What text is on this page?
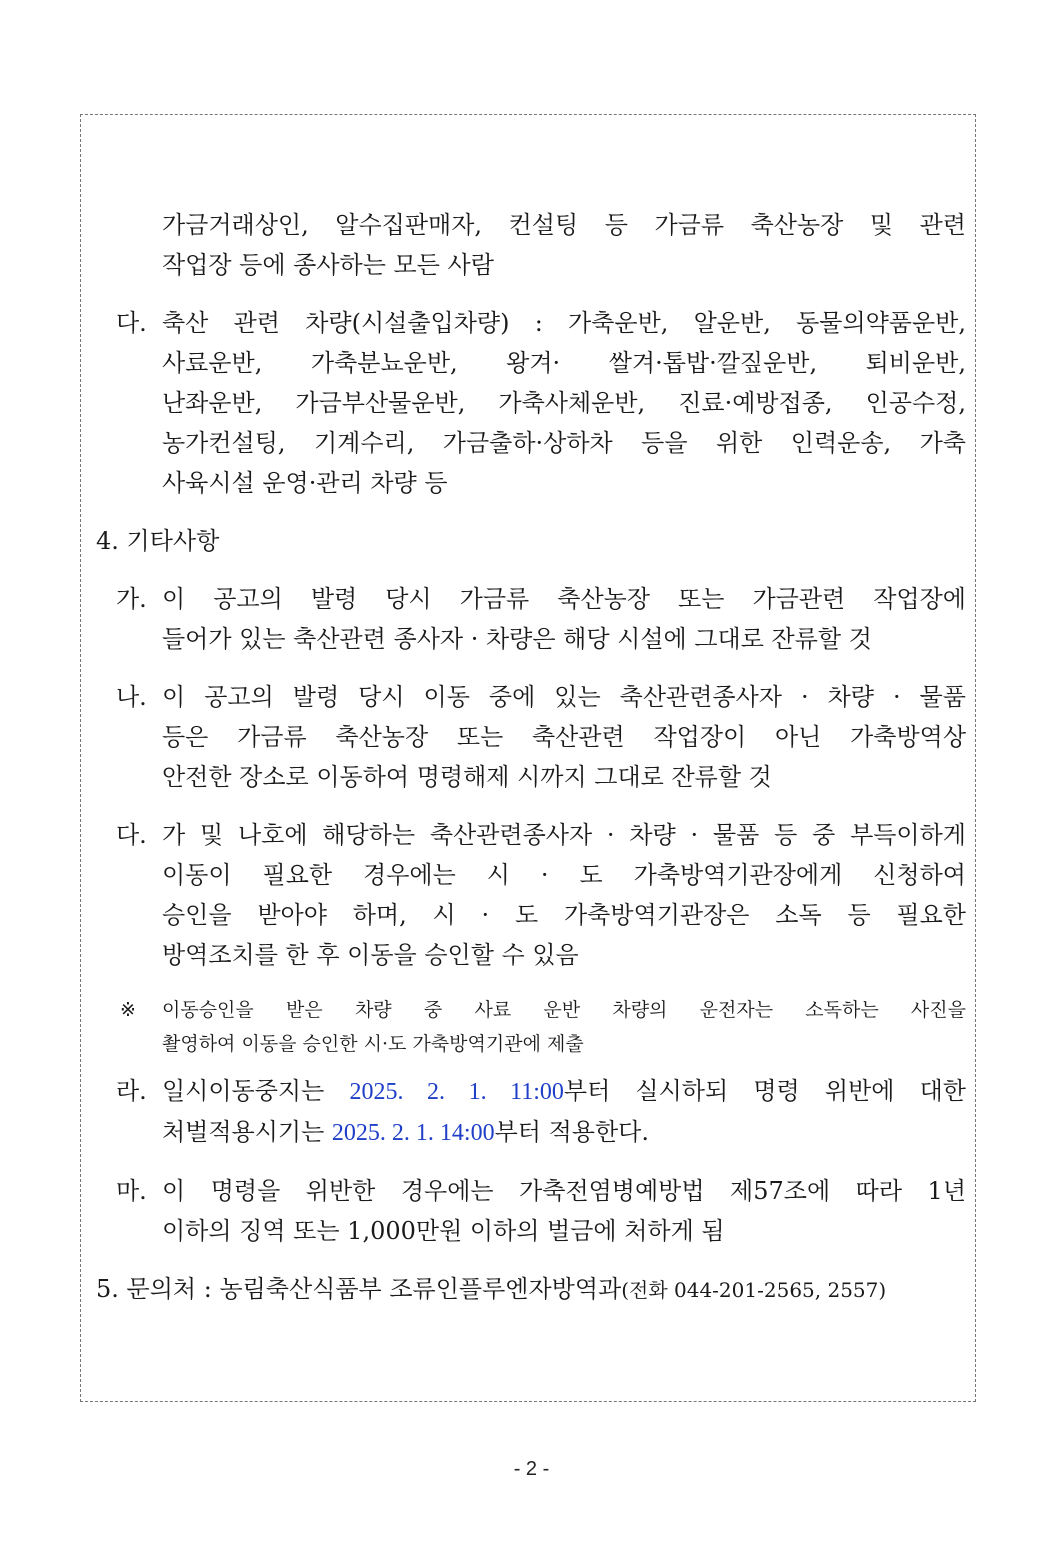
가금거래상인, 알수집판매자, 컨설팅 등 가금류 축산농장 및 관련
작업장 등에 종사하는 모든 사람
다. 축산 관련 차량(시설출입차량) : 가축운반, 알운반, 동물의약품운반,
사료운반, 가축분뇨운반, 왕겨· 쌀겨·톱밥·깔짚운반, 퇴비운반,
난좌운반, 가금부산물운반, 가축사체운반, 진료·예방접종, 인공수정,
농가컨설팅, 기계수리, 가금출하·상하차 등을 위한 인력운송, 가축
사육시설 운영·관리 차량 등
4. 기타사항
가. 이 공고의 발령 당시 가금류 축산농장 또는 가금관련 작업장에
들어가 있는 축산관련 종사자 · 차량은 해당 시설에 그대로 잔류할 것
나. 이 공고의 발령 당시 이동 중에 있는 축산관련종사자 · 차량 · 물품
등은 가금류 축산농장 또는 축산관련 작업장이 아닌 가축방역상
안전한 장소로 이동하여 명령해제 시까지 그대로 잔류할 것
다. 가 및 나호에 해당하는 축산관련종사자 · 차량 · 물품 등 중 부득이하게
이동이 필요한 경우에는 시 · 도 가축방역기관장에게 신청하여
승인을 받아야 하며, 시 · 도 가축방역기관장은 소독 등 필요한
방역조치를 한 후 이동을 승인할 수 있음
※ 이동승인을 받은 차량 중 사료 운반 차량의 운전자는 소독하는 사진을
촬영하여 이동을 승인한 시·도 가축방역기관에 제출
라. 일시이동중지는 2025. 2. 1. 11:00부터 실시하되 명령 위반에 대한
처벌적용시기는 2025. 2. 1. 14:00부터 적용한다.
마. 이 명령을 위반한 경우에는 가축전염병예방법 제57조에 따라 1년
이하의 징역 또는 1,000만원 이하의 벌금에 처하게 됨
5. 문의처 : 농림축산식품부 조류인플루엔자방역과(전화 044-201-2565, 2557)
- 2 -
